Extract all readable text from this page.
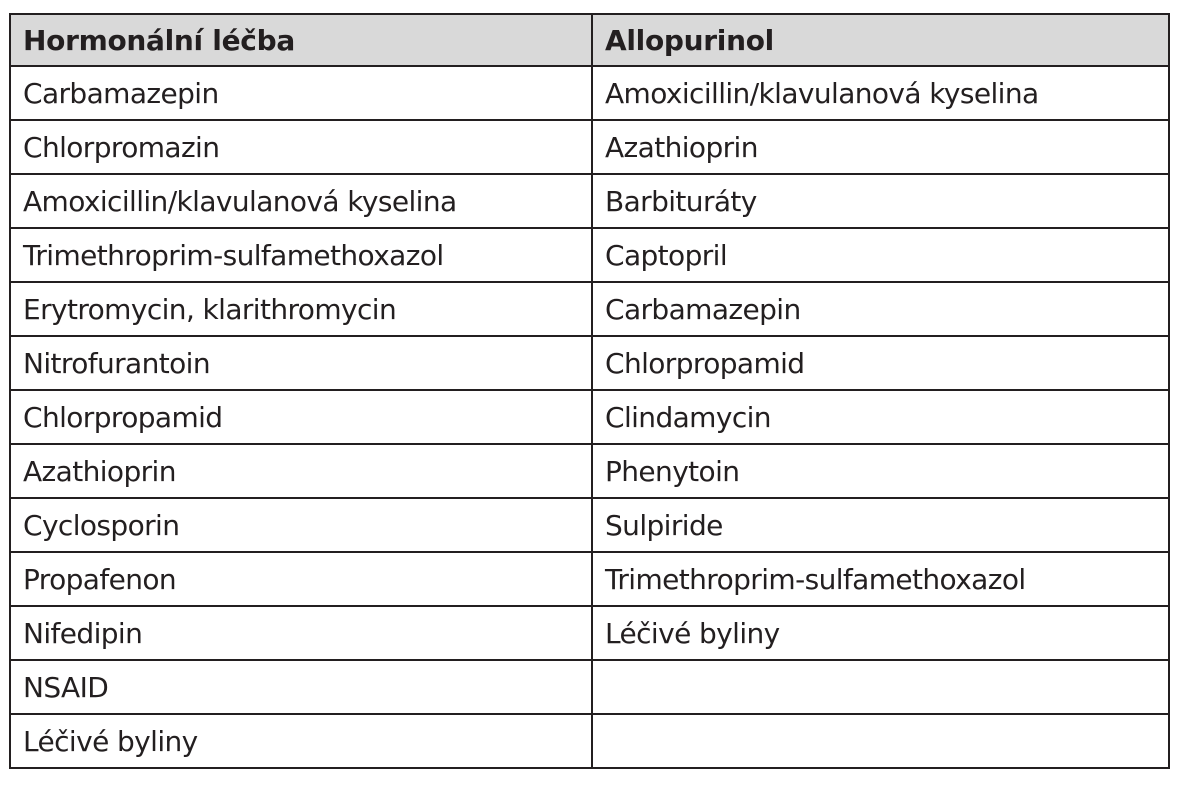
Hormonální léčba	Allopurinol
Carbamazepin	Amoxicillin/klavulanová kyselina
Chlorpromazin	Azathioprin
Amoxicillin/klavulanová kyselina	Barbituráty
Trimethroprim-sulfamethoxazol	Captopril
Erytromycin, klarithromycin	Carbamazepin
Nitrofurantoin	Chlorpropamid
Chlorpropamid	Clindamycin
Azathioprin	Phenytoin
Cyclosporin	Sulpiride
Propafenon	Trimethroprim-sulfamethoxazol
Nifedipin	Léčivé byliny
NSAID	
Léčivé byliny	
